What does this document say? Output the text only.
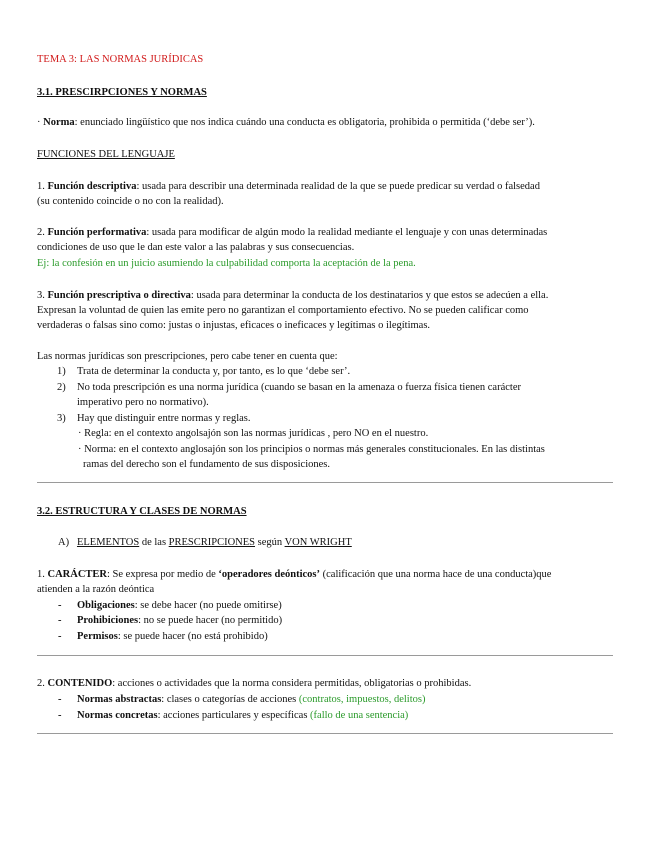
TEMA 3: LAS NORMAS JURÍDICAS
3.1. PRESCIRPCIONES Y NORMAS
· Norma: enunciado lingüístico que nos indica cuándo una conducta es obligatoria, prohibida o permitida (‘debe ser’).
FUNCIONES DEL LENGUAJE
1. Función descriptiva: usada para describir una determinada realidad de la que se puede predicar su verdad o falsedad
(su contenido coincide o no con la realidad).
2. Función performativa: usada para modificar de algún modo la realidad mediante el lenguaje y con unas determinadas
condiciones de uso que le dan este valor a las palabras y sus consecuencias.
Ej: la confesión en un juicio asumiendo la culpabilidad comporta la aceptación de la pena.
3. Función prescriptiva o directiva: usada para determinar la conducta de los destinatarios y que estos se adecúen a ella.
Expresan la voluntad de quien las emite pero no garantizan el comportamiento efectivo. No se pueden calificar como
verdaderas o falsas sino como: justas o injustas, eficaces o ineficaces y legítimas o ilegítimas.
Las normas jurídicas son prescripciones, pero cabe tener en cuenta que:
1) Trata de determinar la conducta y, por tanto, es lo que ‘debe ser’.
2) No toda prescripción es una norma jurídica (cuando se basan en la amenaza o fuerza física tienen carácter
imperativo pero no normativo).
3) Hay que distinguir entre normas y reglas.
· Regla: en el contexto angolsajón son las normas jurídicas , pero NO en el nuestro.
· Norma: en el contexto anglosajón son los principios o normas más generales constitucionales. En las distintas
ramas del derecho son el fundamento de sus disposiciones.
3.2. ESTRUCTURA Y CLASES DE NORMAS
A) ELEMENTOS de las PRESCRIPCIONES según VON WRIGHT
1. CARÁCTER: Se expresa por medio de ‘operadores deónticos’ (calificación que una norma hace de una conducta)que
atienden a la razón deóntica
- Obligaciones: se debe hacer (no puede omitirse)
- Prohibiciones: no se puede hacer (no permitido)
- Permisos: se puede hacer (no está prohibido)
2. CONTENIDO: acciones o actividades que la norma considera permitidas, obligatorias o prohibidas.
- Normas abstractas: clases o categorías de acciones (contratos, impuestos, delitos)
- Normas concretas: acciones particulares y específicas (fallo de una sentencia)
